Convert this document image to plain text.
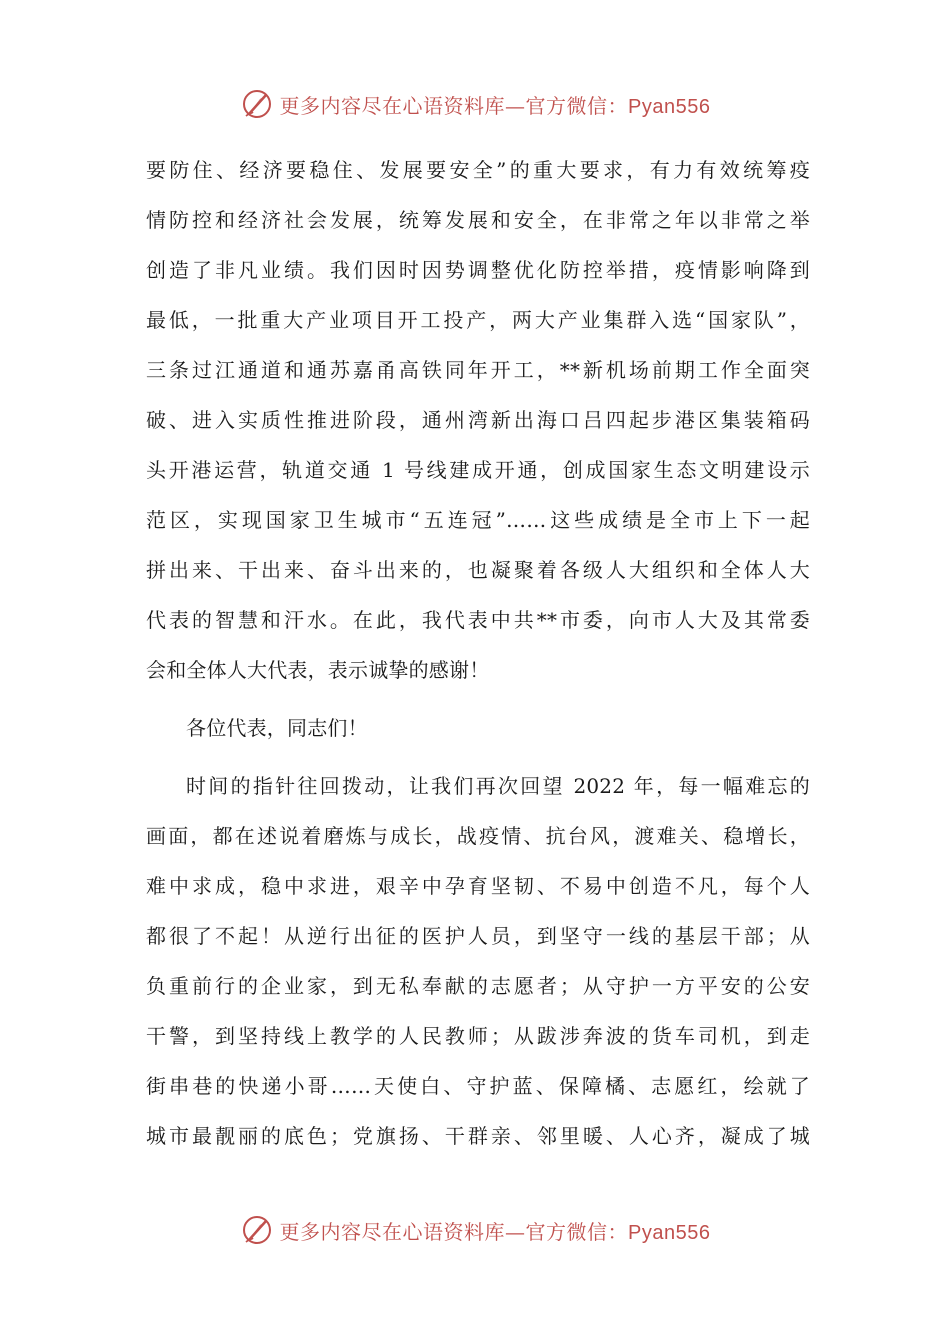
更多内容尽在心语资料库—官方微信：Pyan556
要防住、经济要稳住、发展要安全”的重大要求，有力有效统筹疫
情防控和经济社会发展，统筹发展和安全，在非常之年以非常之举
创造了非凡业绩。我们因时因势调整优化防控举措，疫情影响降到
最低，一批重大产业项目开工投产，两大产业集群入选“国家队”，
三条过江通道和通苏嘉甬高铁同年开工，**新机场前期工作全面突
破、进入实质性推进阶段，通州湾新出海口吕四起步港区集装箱码
头开港运营，轨道交通 1 号线建成开通，创成国家生态文明建设示
范区，实现国家卫生城市“五连冠”……这些成绩是全市上下一起
拼出来、干出来、奋斗出来的，也凝聚着各级人大组织和全体人大
代表的智慧和汗水。在此，我代表中共**市委，向市人大及其常委
会和全体人大代表，表示诚挚的感谢！
各位代表，同志们！
时间的指针往回拨动，让我们再次回望 2022 年，每一幅难忘的
画面，都在述说着磨炼与成长，战疫情、抗台风，渡难关、稳增长，
难中求成，稳中求进，艰辛中孕育坚韧、不易中创造不凡，每个人
都很了不起！从逆行出征的医护人员，到坚守一线的基层干部；从
负重前行的企业家，到无私奉献的志愿者；从守护一方平安的公安
干警，到坚持线上教学的人民教师；从跋涉奔波的货车司机，到走
街串巷的快递小哥……天使白、守护蓝、保障橘、志愿红，绘就了
城市最靓丽的底色；党旗扬、干群亲、邻里暖、人心齐，凝成了城
更多内容尽在心语资料库—官方微信：Pyan556
